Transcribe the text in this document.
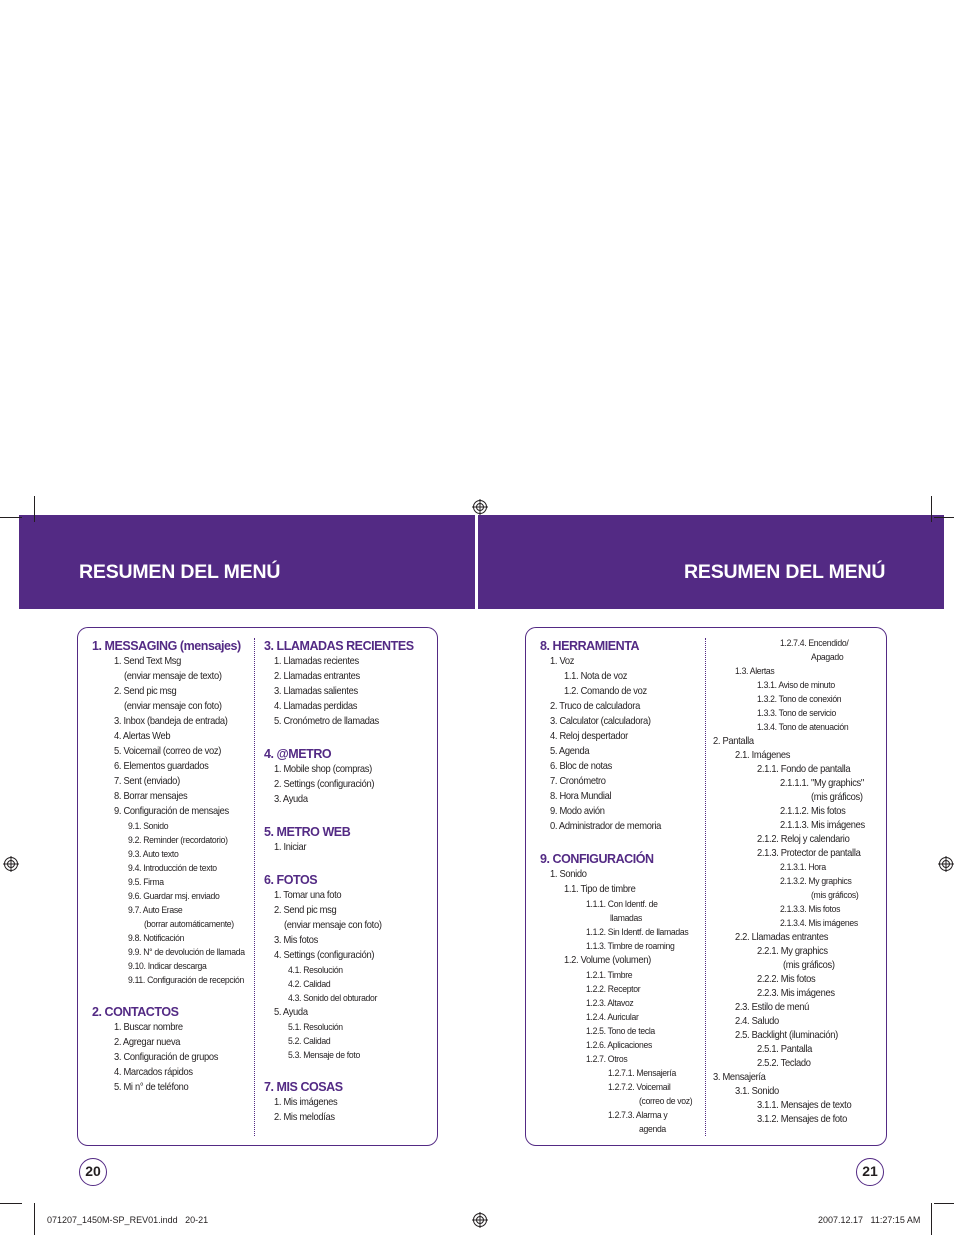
RESUMEN DEL MENÚ	RESUMEN DEL MENÚ
1. MESSAGING (mensajes)
1. Send Text Msg
(enviar mensaje de texto)
2. Send pic msg
(enviar mensaje con foto)
3. Inbox (bandeja de entrada)
4. Alertas Web
5. Voicemail (correo de voz)
6. Elementos guardados
7. Sent (enviado)
8. Borrar mensajes
9. Configuración de mensajes
9.1. Sonido
9.2. Reminder (recordatorio)
9.3. Auto texto
9.4. Introducción de texto
9.5. Firma
9.6. Guardar msj. enviado
9.7. Auto Erase
(borrar automáticamente)
9.8. Notificación
9.9. N° de devolución de llamada
9.10. Indicar descarga
9.11. Configuración de recepción
2. CONTACTOS
1. Buscar nombre
2. Agregar nueva
3. Configuración de grupos
4. Marcados rápidos
5. Mi n° de teléfono
3. LLAMADAS RECIENTES
1. Llamadas recientes
2. Llamadas entrantes
3. Llamadas salientes
4. Llamadas perdidas
5. Cronómetro de llamadas
4. @METRO
1. Mobile shop (compras)
2. Settings (configuración)
3. Ayuda
5. METRO WEB
1. Iniciar
6. FOTOS
1. Tomar una foto
2. Send pic msg
(enviar mensaje con foto)
3. Mis fotos
4. Settings (configuración)
4.1. Resolución
4.2. Calidad
4.3. Sonido del obturador
5. Ayuda
5.1. Resolución
5.2. Calidad
5.3. Mensaje de foto
7. MIS COSAS
1. Mis imágenes
2. Mis melodías
8. HERRAMIENTA
1. Voz
1.1. Nota de voz
1.2. Comando de voz
2. Truco de calculadora
3. Calculator (calculadora)
4. Reloj despertador
5. Agenda
6. Bloc de notas
7. Cronómetro
8. Hora Mundial
9. Modo avión
0. Administrador de memoria
9. CONFIGURACIÓN
1. Sonido
1.1. Tipo de timbre
1.1.1. Con Identf. de
llamadas
1.1.2. Sin Identf. de llamadas
1.1.3. Timbre de roaming
1.2. Volume (volumen)
1.2.1. Timbre
1.2.2. Receptor
1.2.3. Altavoz
1.2.4. Auricular
1.2.5. Tono de tecla
1.2.6. Aplicaciones
1.2.7. Otros
1.2.7.1. Mensajería
1.2.7.2. Voicemail
(correo de voz)
1.2.7.3. Alarma y
agenda
1.2.7.4. Encendido/
Apagado
1.3. Alertas
1.3.1. Aviso de minuto
1.3.2. Tono de conexión
1.3.3. Tono de servicio
1.3.4. Tono de atenuación
2. Pantalla
2.1. Imágenes
2.1.1. Fondo de pantalla
2.1.1.1. "My graphics"
(mis gráficos)
2.1.1.2. Mis fotos
2.1.1.3. Mis imágenes
2.1.2. Reloj y calendario
2.1.3. Protector de pantalla
2.1.3.1. Hora
2.1.3.2. My graphics
(mis gráficos)
2.1.3.3. Mis fotos
2.1.3.4. Mis imágenes
2.2. Llamadas entrantes
2.2.1. My graphics
(mis gráficos)
2.2.2. Mis fotos
2.2.3. Mis imágenes
2.3. Estilo de menú
2.4. Saludo
2.5. Backlight (iluminación)
2.5.1. Pantalla
2.5.2. Teclado
3. Mensajería
3.1. Sonido
3.1.1. Mensajes de texto
3.1.2. Mensajes de foto
20	21
071207_1450M-SP_REV01.indd   20-21	2007.12.17   11:27:15 AM
